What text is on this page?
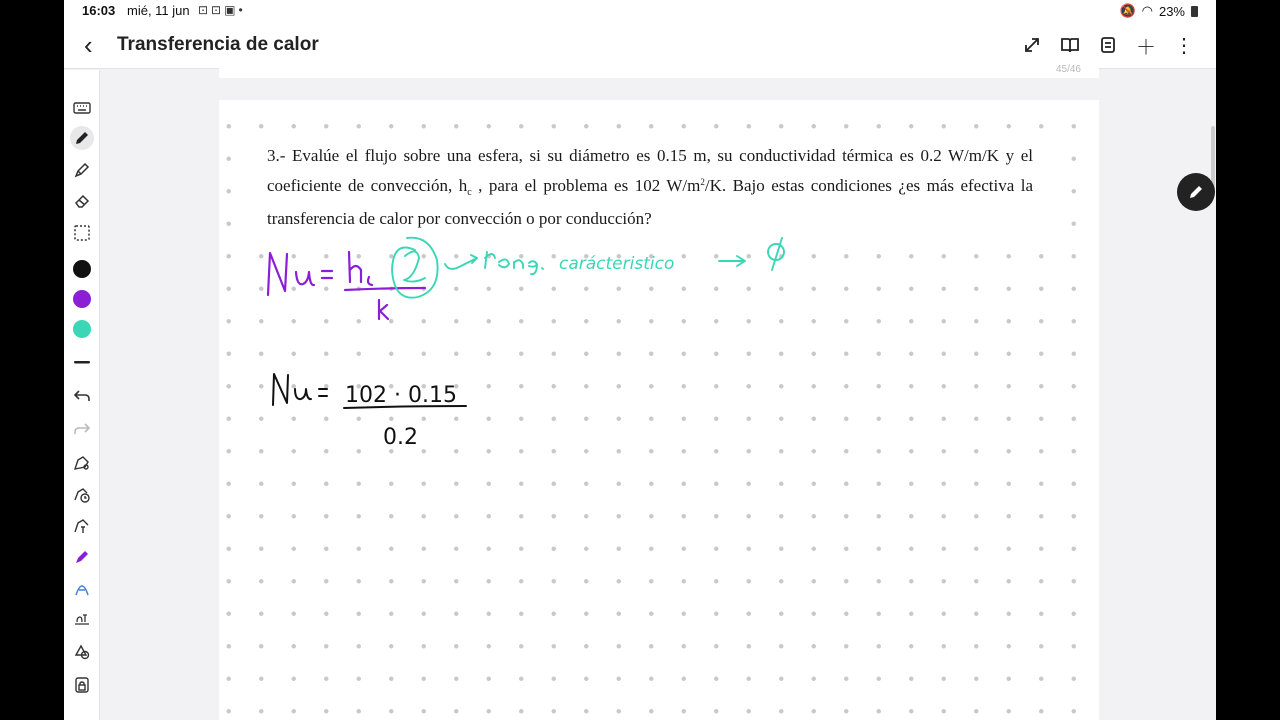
16:03 mié, 11 jun ⊡⊡▣•	🔕 ◠ 23%
‹ Transferencia de calor	＋ ⋮
45/46
3.- Evalúe el flujo sobre una esfera, si su diámetro es 0.15 m, su conductividad térmica es 0.2 W/m/K y el coeficiente de convección, $h_c$ , para el problema es 102 $W/m^2/K$. Bajo estas condiciones ¿es más efectiva la transferencia de calor por convección o por conducción?
carácteristico
102 · 0.15
0.2
